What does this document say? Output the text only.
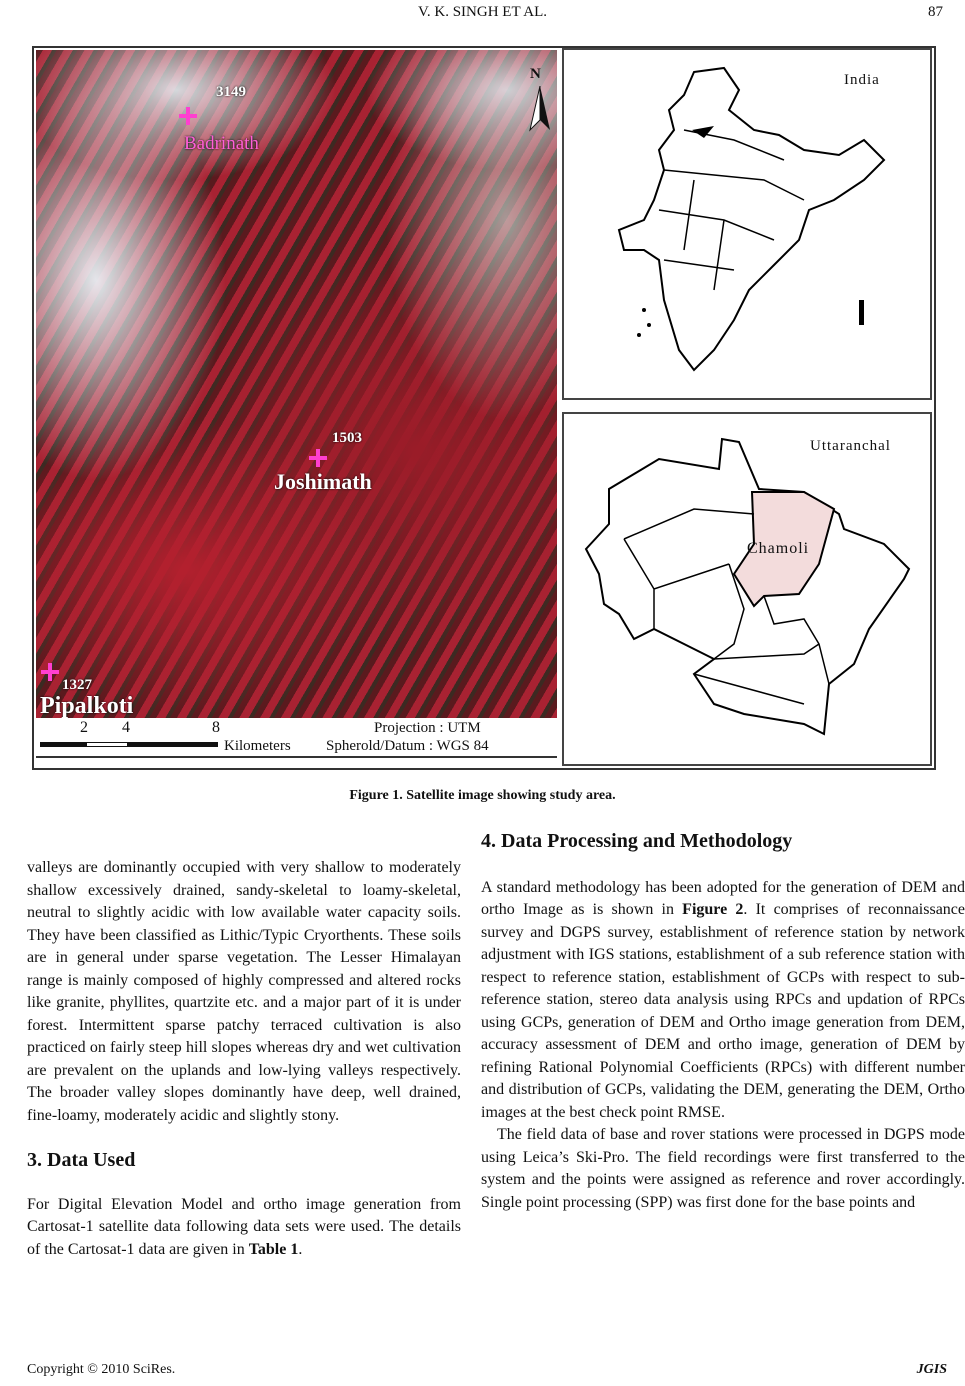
V. K. SINGH ET AL.	87
3149
Badrinath
1503
Joshimath
1327
Pipalkoti
N
2 4	8
Kilometers
Projection : UTM
Spherold/Datum : WGS 84
India
Uttaranchal
Chamoli
Figure 1. Satellite image showing study area.

valleys are dominantly occupied with very shallow to moderately shallow excessively drained, sandy-skeletal to loamy-skeletal, neutral to slightly acidic with low available water capacity soils. They have been classified as Lithic/Typic Cryorthents. These soils are in general under sparse vegetation. The Lesser Himalayan range is mainly composed of highly compressed and altered rocks like granite, phyllites, quartzite etc. and a major part of it is under forest. Intermittent sparse patchy terraced cultivation is also practiced on fairly steep hill slopes whereas dry and wet cultivation are prevalent on the uplands and low-lying valleys respectively. The broader valley slopes dominantly have deep, well drained, fine-loamy, moderately acidic and slightly stony.

3. Data Used

For Digital Elevation Model and ortho image generation from Cartosat-1 satellite data following data sets were used. The details of the Cartosat-1 data are given in Table 1.

4. Data Processing and Methodology

A standard methodology has been adopted for the generation of DEM and ortho Image as is shown in Figure 2. It comprises of reconnaissance survey and DGPS survey, establishment of reference station by network adjustment with IGS stations, establishment of a sub reference station with respect to reference station, establishment of GCPs with respect to sub-reference station, stereo data analysis using RPCs and updation of RPCs using GCPs, generation of DEM and Ortho image generation from DEM, accuracy assessment of DEM and ortho image, generation of DEM by refining Rational Polynomial Coefficients (RPCs) with different number and distribution of GCPs, validating the DEM, generating the DEM, Ortho images at the best check point RMSE.

The field data of base and rover stations were processed in DGPS mode using Leica’s Ski-Pro. The field recordings were first transferred to the system and the points were assigned as reference and rover accordingly. Single point processing (SPP) was first done for the base points and

Copyright © 2010 SciRes.	JGIS
